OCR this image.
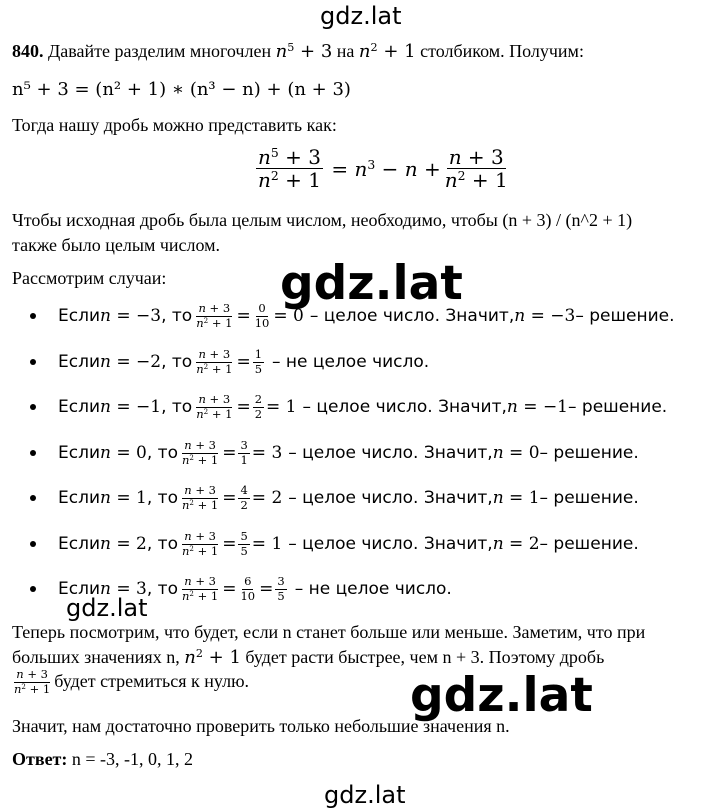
gdz.lat
gdz.lat
gdz.lat
gdz.lat
gdz.lat
840. Давайте разделим многочлен $n^5 + 3$ на $n^2 + 1$ столбиком. Получим:
n⁵ + 3 = (n² + 1) ∗ (n³ − n) + (n + 3)
Тогда нашу дробь можно представить как:
$\frac{n^5 + 3}{n^2 + 1} = n^3 - n + \frac{n + 3}{n^2 + 1}$
Чтобы исходная дробь была целым числом, необходимо, чтобы (n + 3) / (n^2 + 1)
также было целым числом.
Рассмотрим случаи:
Если n = −3 , то $\frac{n + 3}{n^2 + 1} = \frac{0}{10} = 0$ – целое число. Значит, n = −3 – решение.
Если n = −2 , то $\frac{n + 3}{n^2 + 1} = \frac{1}{5}$ – не целое число.
Если n = −1 , то $\frac{n + 3}{n^2 + 1} = \frac{2}{2} = 1$ – целое число. Значит, n = −1 – решение.
Если n = 0 , то $\frac{n + 3}{n^2 + 1} = \frac{3}{1} = 3$ – целое число. Значит, n = 0 – решение.
Если n = 1 , то $\frac{n + 3}{n^2 + 1} = \frac{4}{2} = 2$ – целое число. Значит, n = 1 – решение.
Если n = 2 , то $\frac{n + 3}{n^2 + 1} = \frac{5}{5} = 1$ – целое число. Значит, n = 2 – решение.
Если n = 3 , то $\frac{n + 3}{n^2 + 1} = \frac{6}{10} = \frac{3}{5}$ – не целое число.
Теперь посмотрим, что будет, если n станет больше или меньше. Заметим, что при
больших значениях n, $n^2 + 1$ будет расти быстрее, чем n + 3. Поэтому дробь
$\frac{n + 3}{n^2 + 1}$ будет стремиться к нулю.
Значит, нам достаточно проверить только небольшие значения n.
Ответ: n = -3, -1, 0, 1, 2
